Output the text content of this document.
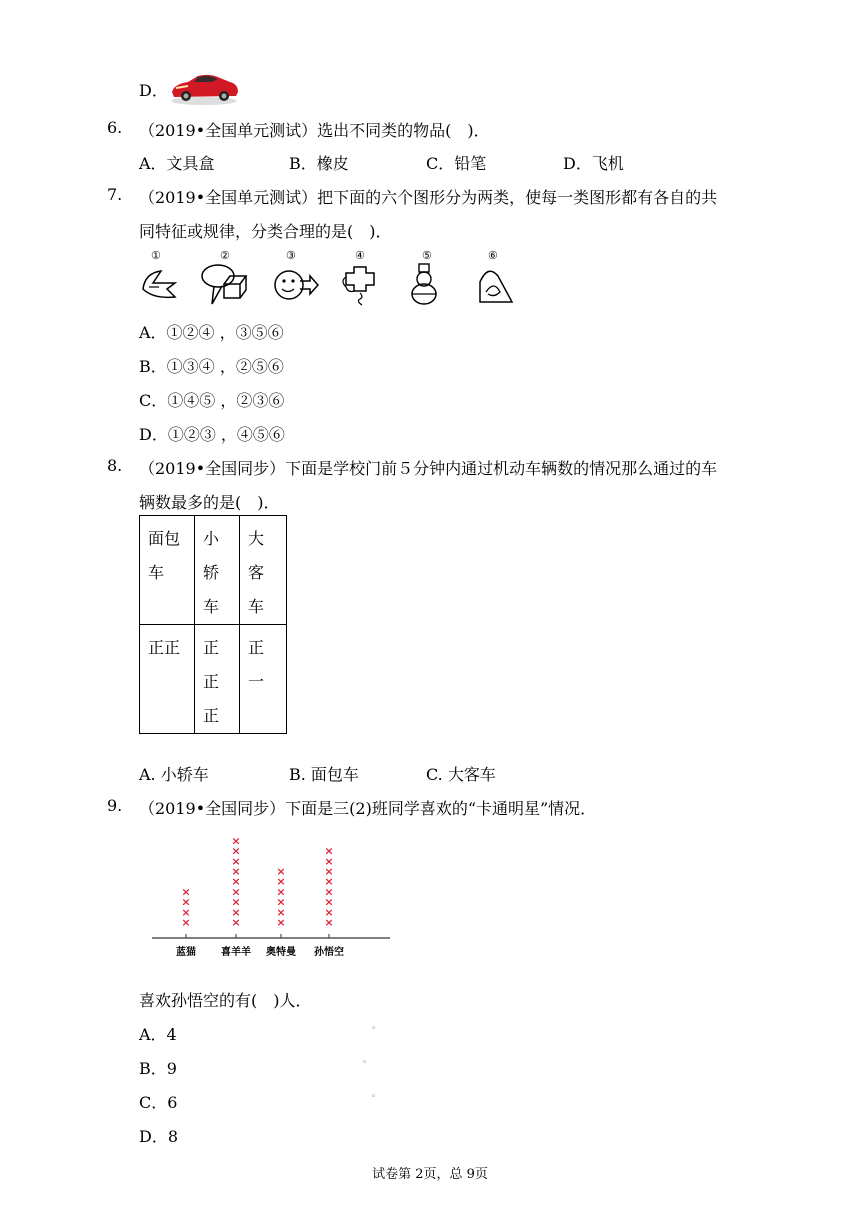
D．
6. （2019•全国单元测试）选出不同类的物品(　)．
A．文具盒	B．橡皮	C．铅笔	D．飞机
7. （2019•全国单元测试）把下面的六个图形分为两类，使每一类图形都有各自的共
同特征或规律，分类合理的是(　)．
①	②	③	④	⑤	⑥
A．①②④ ，③⑤⑥
B．①③④ ，②⑤⑥
C．①④⑤ ，②③⑥
D．①②③ ，④⑤⑥
8. （2019•全国同步）下面是学校门前５分钟内通过机动车辆数的情况那么通过的车
辆数最多的是(　)．
面包车	小轿车	大客车

正正	正正正	正一
A. 小轿车	B. 面包车	C. 大客车
9. （2019•全国同步）下面是三(2)班同学喜欢的“卡通明星”情况．
×
×
×
×
×
×
×
×
×
×
×
×
×
×
×
×
×
×
×
×
×
×
×
×
×
×
×
蓝猫	喜羊羊 奥特曼 孙悟空
喜欢孙悟空的有(　)人．
A．4
B．9
C．6
D．8
◦
◦
◦
试卷第 2页，总 9页
